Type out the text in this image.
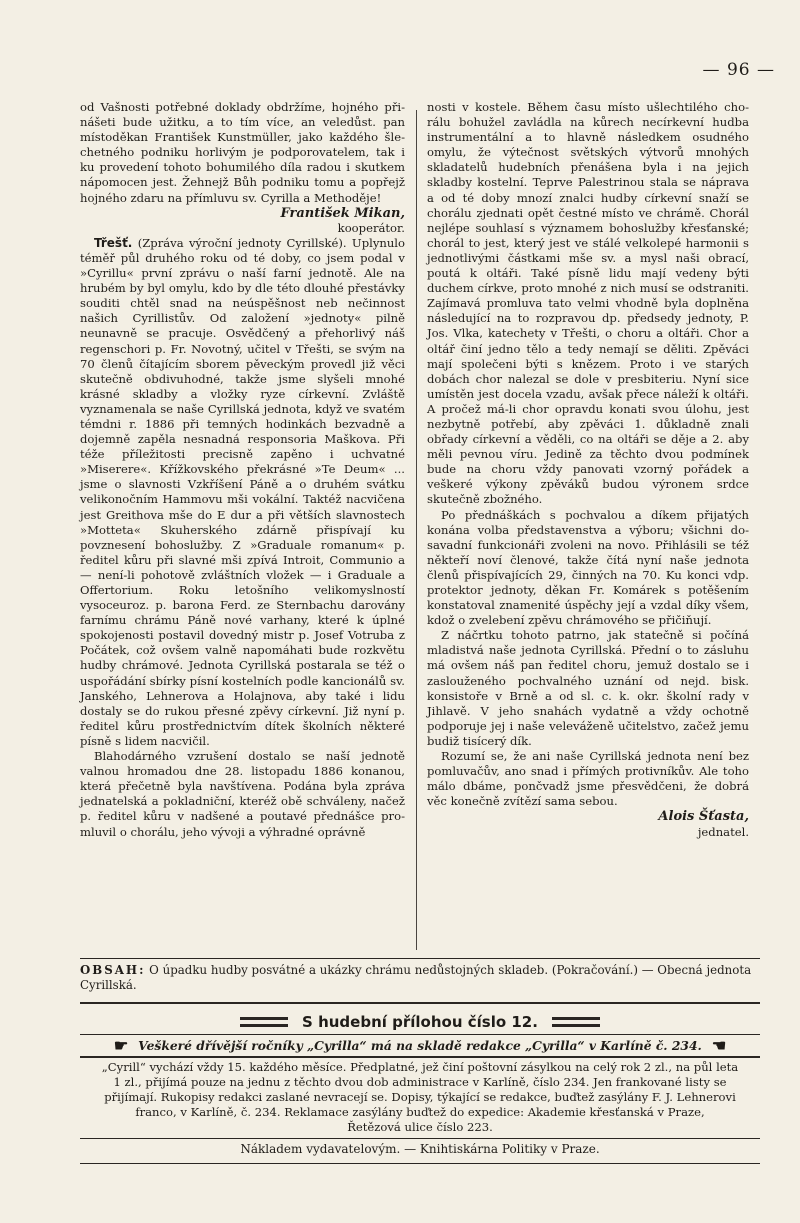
— 96 —

od Vašnosti potřebné doklady obdržíme, hojného přinášeti bude užitku, a to tím více, an veledůst. pan místoděkan František Kunstmüller, jako každého šlechetného podniku horlivým je podporovatelem, tak i ku provedení tohoto bohumilého díla radou i skutkem nápomocen jest. Žehnejž Bůh podniku tomu a popřejž hojného zdaru na přímluvu sv. Cyrilla a Methoděje!

František Mikan,
kooperátor.

Třešť. (Zpráva výroční jednoty Cyrillské). Uplynulo téměř půl druhého roku od té doby, co jsem podal v »Cyrillu« první zprávu o naší farní jednotě. Ale na hrubém by byl omylu, kdo by dle této dlouhé přestávky souditi chtěl snad na neúspěšnost neb nečinnost našich Cyrillistův. Od založení »jednoty« pilně neunavně se pracuje. Osvědčený a přehorlivý náš regenschori p. Fr. Novotný, učitel v Třešti, se svým na 70 členů čítajícím sborem pěveckým provedl již věci skutečně obdivuhodné, takže jsme slyšeli mnohé krásné skladby a vložky ryze církevní. Zvláště vyznamenala se naše Cyrillská jednota, když ve svatém témdni r. 1886 při temných hodinkách bezvadně a dojemně zapěla nesnadná responsoria Maškova. Při téže příležitosti precisně zapěno i uchvatné »Miserere«. Křížkovského překrásné »Te Deum« ... jsme o slavnosti Vzkříšení Páně a o druhém svátku velikonočním Hammovu mši vokální. Taktéž nacvičena jest Greithova mše do E dur a při větších slavnostech »Motteta« Skuherského zdárně přispívají ku povznesení bohoslužby. Z »Graduale romanum« p. ředitel kůru při slavné mši zpívá Introit, Communio a — není-li pohotově zvláštních vložek — i Graduale a Offertorium. Roku letošního velikomyslností vysoceuroz. p. barona Ferd. ze Sternbachu darovány farnímu chrámu Páně nové varhany, které k úplné spokojenosti postavil dovedný mistr p. Josef Votruba z Počátek, což ovšem valně napomáhati bude rozkvětu hudby chrámové. Jednota Cyrillská postarala se též o uspořádání sbírky písní kostelních podle kancionálů sv. Janského, Lehnerova a Holajnova, aby také i lidu dostaly se do rukou přesné zpěvy církevní. Již nyní p. ředitel kůru prostřednictvím dítek školních některé písně s lidem nacvičil.

Blahodárného vzrušení dostalo se naší jednotě valnou hromadou dne 28. listopadu 1886 konanou, která přečetně byla navštívena. Podána byla zpráva jednatelská a pokladniční, kteréž obě schváleny, načež p. ředitel kůru v nadšené a poutavé přednášce promluvil o chorálu, jeho vývoji a výhradné oprávně

nosti v kostele. Během času místo ušlechtilého chorálu bohužel zavládla na kůrech necírkevní hudba instrumentální a to hlavně následkem osudného omylu, že výtečnost světských výtvorů mnohých skladatelů hudebních přenášena byla i na jejich skladby kostelní. Teprve Palestrinou stala se náprava a od té doby mnozí znalci hudby církevní snaží se chorálu zjednati opět čestné místo ve chrámě. Chorál nejlépe souhlasí s významem bohoslužby křesťanské; chorál to jest, který jest ve stálé velkolepé harmonii s jednotlivými částkami mše sv. a mysl naši obrací, poutá k oltáři. Také písně lidu mají vedeny býti duchem církve, proto mnohé z nich musí se odstraniti. Zajímavá promluva tato velmi vhodně byla doplněna následující na to rozpravou dp. předsedy jednoty, P. Jos. Vlka, katechety v Třešti, o choru a oltáři. Chor a oltář činí jedno tělo a tedy nemají se děliti. Zpěváci mají společeni býti s knězem. Proto i ve starých dobách chor nalezal se dole v presbiteriu. Nyní sice umístěn jest docela vzadu, avšak přece náleží k oltáři. A pročež má-li chor opravdu konati svou úlohu, jest nezbytně potřebí, aby zpěváci 1. důkladně znali obřady církevní a věděli, co na oltáři se děje a 2. aby měli pevnou víru. Jedině za těchto dvou podmínek bude na choru vždy panovati vzorný pořádek a veškeré výkony zpěváků budou výronem srdce skutečně zbožného.

Po přednáškách s pochvalou a díkem přijatých konána volba představenstva a výboru; všichni dosavadní funkcionáři zvoleni na novo. Přihlásili se též někteří noví členové, takže čítá nyní naše jednota členů přispívajících 29, činných na 70. Ku konci vdp. protektor jednoty, děkan Fr. Komárek s potěšením konstatoval znamenité úspěchy její a vzdal díky všem, kdož o zvelebení zpěvu chrámového se přičiňují.

Z náčrtku tohoto patrno, jak statečně si počíná mladistvá naše jednota Cyrillská. Přední o to zásluhu má ovšem náš pan ředitel choru, jemuž dostalo se i zaslouženého pochvalného uznání od nejd. bisk. konsistoře v Brně a od sl. c. k. okr. školní rady v Jihlavě. V jeho snahách vydatně a vždy ochotně podporuje jej i naše veleváženě učitelstvo, začež jemu budiž tisícerý dík.

Rozumí se, že ani naše Cyrillská jednota není bez pomluvačův, ano snad i přímých protivníkův. Ale toho málo dbáme, pončvadž jsme přesvědčeni, že dobrá věc konečně zvítězí sama sebou.

Alois Šťasta,
jednatel.

OBSAH: O úpadku hudby posvátné a ukázky chrámu nedůstojných skladeb. (Pokračování.) — Obecná jednota Cyrillská.
S hudební přílohou číslo 12.
☛ Veškeré dřívější ročníky „Cyrilla“ má na skladě redakce „Cyrilla“ v Karlíně č. 234. ☚
„Cyrill“ vychází vždy 15. každého měsíce. Předplatné, jež činí poštovní zásylkou na celý rok 2 zl., na půl leta
1 zl., přijímá pouze na jednu z těchto dvou dob administrace v Karlíně, číslo 234. Jen frankované listy se
přijímají. Rukopisy redakci zaslané nevracejí se. Dopisy, týkající se redakce, buďtež zasýlány F. J. Lehnerovi
franco, v Karlíně, č. 234. Reklamace zasýlány buďtež do expedice: Akademie křesťanská v Praze,
Řetězová ulice číslo 223.
Nákladem vydavatelovým. — Knihtiskárna Politiky v Praze.
